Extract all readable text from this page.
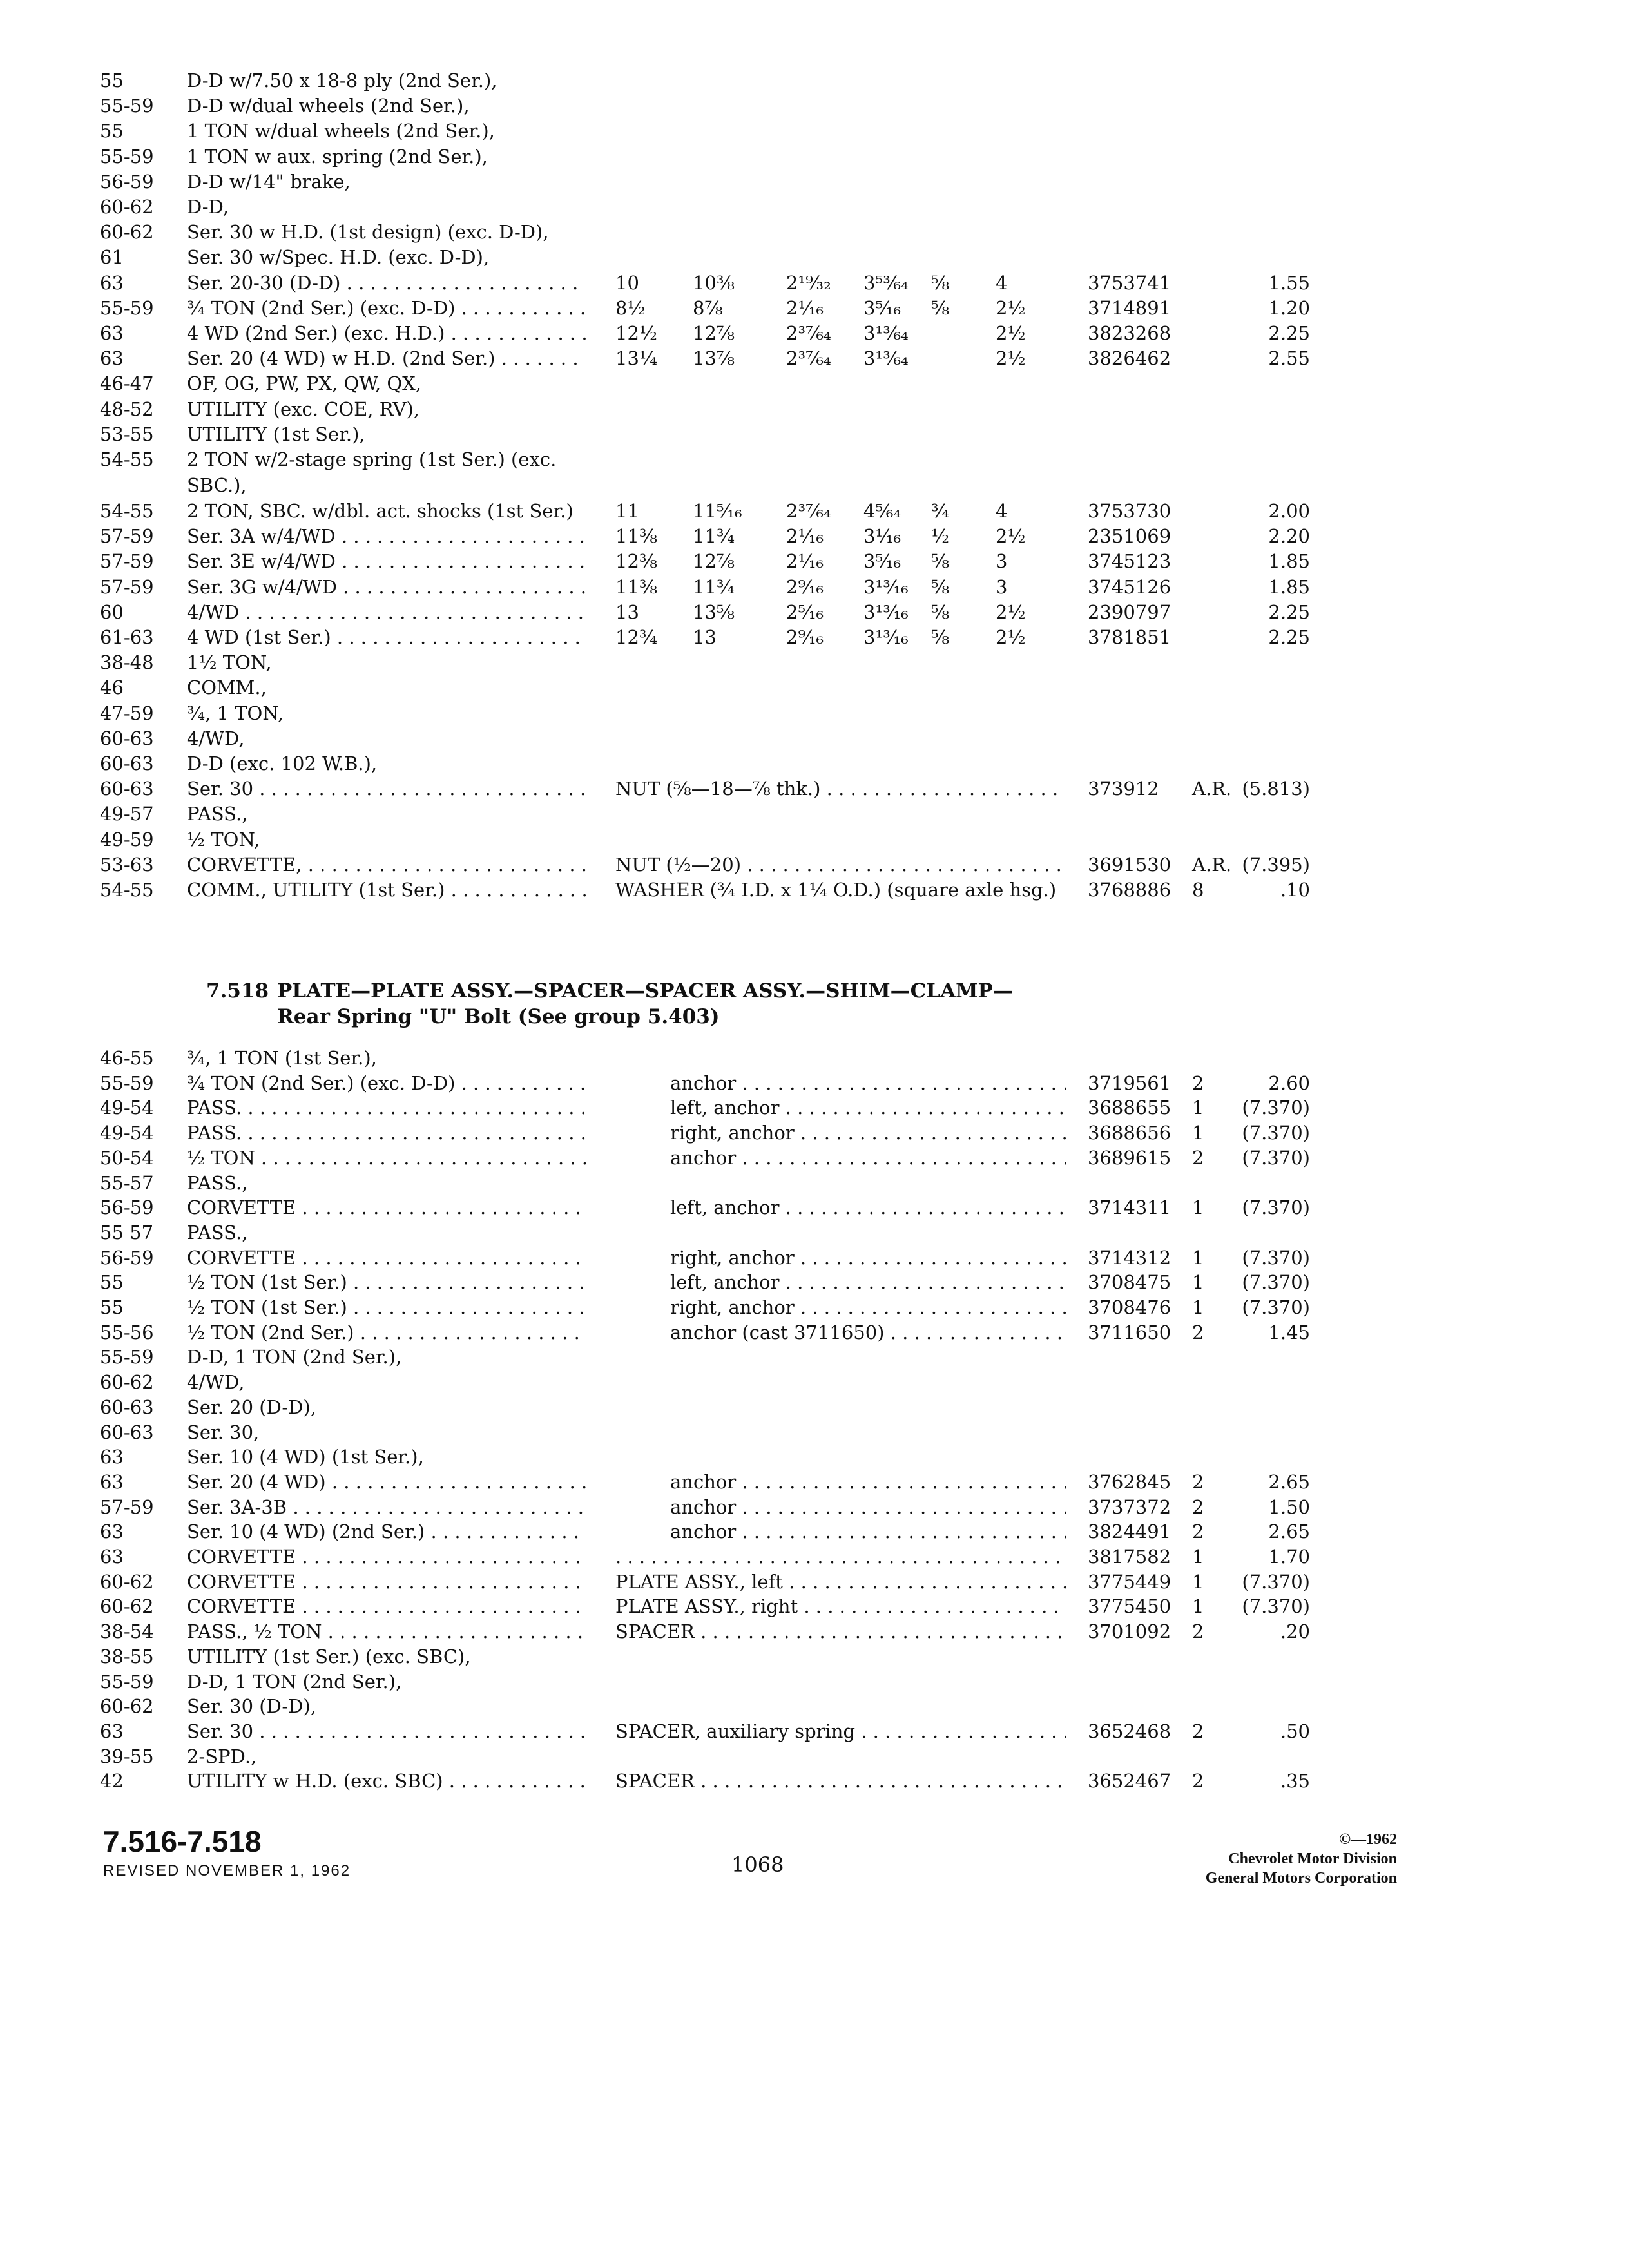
55	D-D w/7.50 x 18-8 ply (2nd Ser.),
55-59 D-D w/dual wheels (2nd Ser.),
55	1 TON w/dual wheels (2nd Ser.),
55-59 1 TON w aux. spring (2nd Ser.),
56-59 D-D w/14" brake,
60-62 D-D,
60-62 Ser. 30 w H.D. (1st design) (exc. D-D),
61	Ser. 30 w/Spec. H.D. (exc. D-D),
63	Ser. 20-30 (D-D) . . .	10	10⅜	2¹⁹⁄₃₂ 3⁵³⁄₆₄ ⅝ 4	3753741	1.55
55-59 ¾ TON (2nd Ser.) (exc. D-D) . . .	8½	8⅞	2⅟₁₆ 3⁵⁄₁₆ ⅝ 2½	3714891	1.20
63	4 WD (2nd Ser.) (exc. H.D.) . . .	12½ 12⅞	2³⁷⁄₆₄ 3¹³⁄₆₄	2½	3823268	2.25
63	Ser. 20 (4 WD) w H.D. (2nd Ser.) . . .	13¼ 13⅞	2³⁷⁄₆₄ 3¹³⁄₆₄	2½	3826462	2.55
46-47 OF, OG, PW, PX, QW, QX,
48-52 UTILITY (exc. COE, RV),
53-55 UTILITY (1st Ser.),
54-55 2 TON w/2-stage spring (1st Ser.) (exc. SBC.),
54-55 2 TON, SBC. w/dbl. act. shocks (1st Ser.) 11	11⁵⁄₁₆ 2³⁷⁄₆₄ 4⁵⁄₆₄ ¾ 4	3753730	2.00
57-59 Ser. 3A w/4/WD . . .	11⅜ 11¾	2⅟₁₆ 3⅟₁₆ ½ 2½	2351069	2.20
57-59 Ser. 3E w/4/WD . . .	12⅜ 12⅞	2⅟₁₆ 3⁵⁄₁₆ ⅝ 3	3745123	1.85
57-59 Ser. 3G w/4/WD . . .	11⅜ 11¾	2⁹⁄₁₆ 3¹³⁄₁₆ ⅝ 3	3745126	1.85
60	4/WD . . .	13	13⅝	2⁵⁄₁₆ 3¹³⁄₁₆ ⅝ 2½	2390797	2.25
61-63 4 WD (1st Ser.) . . .	12¾ 13	2⁹⁄₁₆ 3¹³⁄₁₆ ⅝ 2½	3781851	2.25
38-48 1½ TON,
46	COMM.,
47-59 ¾, 1 TON,
60-63 4/WD,
60-63 D-D (exc. 102 W.B.),
60-63 Ser. 30 . . .	NUT (⅝—18—⅞ thk.) . . .	373912 A.R. (5.813)
49-57 PASS.,
49-59 ½ TON,
53-63 CORVETTE, . . .	NUT (½—20) . . .	3691530 A.R. (7.395)
54-55 COMM., UTILITY (1st Ser.) . . .	WASHER (¾ I.D. x 1¼ O.D.) (square axle hsg.)	3768886 8	.10
7.518 PLATE—PLATE ASSY.—SPACER—SPACER ASSY.—SHIM—CLAMP—
Rear Spring "U" Bolt (See group 5.403)
46-55 ¾, 1 TON (1st Ser.),
55-59 ¾ TON (2nd Ser.) (exc. D-D) . . .	anchor . . .	3719561 2	2.60
49-54 PASS. . . .	left, anchor . . .	3688655 1 (7.370)
49-54 PASS. . . .	right, anchor . . .	3688656 1 (7.370)
50-54 ½ TON . . .	anchor . . .	3689615 2 (7.370)
55-57 PASS.,
56-59 CORVETTE . . .	left, anchor . . .	3714311 1 (7.370)
55 57 PASS.,
56-59 CORVETTE . . .	right, anchor . . .	3714312 1 (7.370)
55	½ TON (1st Ser.) . . .	left, anchor . . .	3708475 1 (7.370)
55	½ TON (1st Ser.) . . .	right, anchor . . .	3708476 1 (7.370)
55-56 ½ TON (2nd Ser.) . . .	anchor (cast 3711650) . . .	3711650 2	1.45
55-59 D-D, 1 TON (2nd Ser.),
60-62 4/WD,
60-63 Ser. 20 (D-D),
60-63 Ser. 30,
63	Ser. 10 (4 WD) (1st Ser.),
63	Ser. 20 (4 WD) . . .	anchor . . .	3762845 2	2.65
57-59 Ser. 3A-3B . . .	anchor . . .	3737372 2	1.50
63	Ser. 10 (4 WD) (2nd Ser.) . . .	anchor . . .	3824491 2	2.65
63	CORVETTE . . .
. . .	3817582 1	1.70
60-62 CORVETTE . . .	PLATE ASSY., left . . .	3775449 1 (7.370)
60-62 CORVETTE . . .	PLATE ASSY., right . . .	3775450 1 (7.370)
38-54 PASS., ½ TON . . .	SPACER . . .	3701092 2	.20
38-55 UTILITY (1st Ser.) (exc. SBC),
55-59 D-D, 1 TON (2nd Ser.),
60-62 Ser. 30 (D-D),
63	Ser. 30 . . .	SPACER, auxiliary spring . . .	3652468 2	.50
39-55 2-SPD.,
42	UTILITY w H.D. (exc. SBC) . . .	SPACER . . .	3652467 2	.35
7.516-7.518
REVISED NOVEMBER 1, 1962	1068
©—1962
Chevrolet Motor Division
General Motors Corporation
